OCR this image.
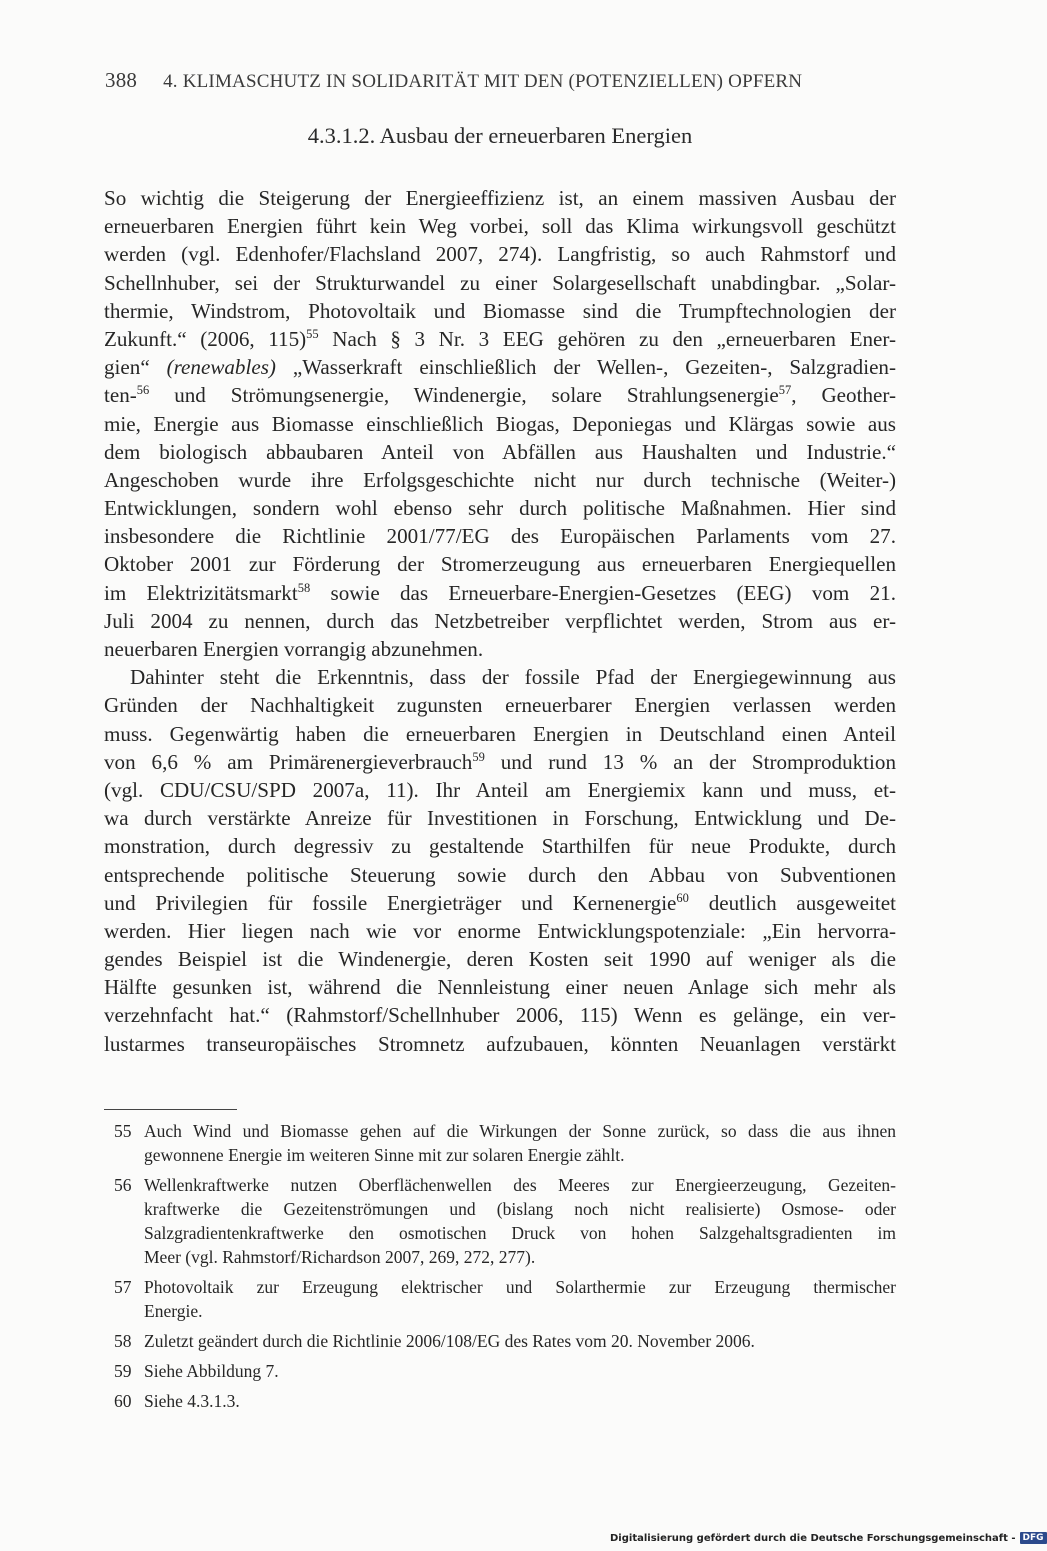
388 4. KLIMASCHUTZ IN SOLIDARITÄT MIT DEN (POTENZIELLEN) OPFERN
4.3.1.2. Ausbau der erneuerbaren Energien
So wichtig die Steigerung der Energieeffizienz ist, an einem massiven Ausbau der
erneuerbaren Energien führt kein Weg vorbei, soll das Klima wirkungsvoll geschützt
werden (vgl. Edenhofer/Flachsland 2007, 274). Langfristig, so auch Rahmstorf und
Schellnhuber, sei der Strukturwandel zu einer Solargesellschaft unabdingbar. „Solar-
thermie, Windstrom, Photovoltaik und Biomasse sind die Trumpftechnologien der
Zukunft.“ (2006, 115)$^{55}$ Nach § 3 Nr. 3 EEG gehören zu den „erneuerbaren Ener-
gien“ (renewables) „Wasserkraft einschließlich der Wellen-, Gezeiten-, Salzgradien-
ten-$^{56}$ und Strömungsenergie, Windenergie, solare Strahlungsenergie$^{57}$, Geother-
mie, Energie aus Biomasse einschließlich Biogas, Deponiegas und Klärgas sowie aus
dem biologisch abbaubaren Anteil von Abfällen aus Haushalten und Industrie.“
Angeschoben wurde ihre Erfolgsgeschichte nicht nur durch technische (Weiter-)
Entwicklungen, sondern wohl ebenso sehr durch politische Maßnahmen. Hier sind
insbesondere die Richtlinie 2001/77/EG des Europäischen Parlaments vom 27.
Oktober 2001 zur Förderung der Stromerzeugung aus erneuerbaren Energiequellen
im Elektrizitätsmarkt$^{58}$ sowie das Erneuerbare-Energien-Gesetzes (EEG) vom 21.
Juli 2004 zu nennen, durch das Netzbetreiber verpflichtet werden, Strom aus er-
neuerbaren Energien vorrangig abzunehmen.
Dahinter steht die Erkenntnis, dass der fossile Pfad der Energiegewinnung aus
Gründen der Nachhaltigkeit zugunsten erneuerbarer Energien verlassen werden
muss. Gegenwärtig haben die erneuerbaren Energien in Deutschland einen Anteil
von 6,6 % am Primärenergieverbrauch$^{59}$ und rund 13 % an der Stromproduktion
(vgl. CDU/CSU/SPD 2007a, 11). Ihr Anteil am Energiemix kann und muss, et-
wa durch verstärkte Anreize für Investitionen in Forschung, Entwicklung und De-
monstration, durch degressiv zu gestaltende Starthilfen für neue Produkte, durch
entsprechende politische Steuerung sowie durch den Abbau von Subventionen
und Privilegien für fossile Energieträger und Kernenergie$^{60}$ deutlich ausgeweitet
werden. Hier liegen nach wie vor enorme Entwicklungspotenziale: „Ein hervorra-
gendes Beispiel ist die Windenergie, deren Kosten seit 1990 auf weniger als die
Hälfte gesunken ist, während die Nennleistung einer neuen Anlage sich mehr als
verzehnfacht hat.“ (Rahmstorf/Schellnhuber 2006, 115) Wenn es gelänge, ein ver-
lustarmes transeuropäisches Stromnetz aufzubauen, könnten Neuanlagen verstärkt
55 Auch Wind und Biomasse gehen auf die Wirkungen der Sonne zurück, so dass die aus ihnen
gewonnene Energie im weiteren Sinne mit zur solaren Energie zählt.
56 Wellenkraftwerke nutzen Oberflächenwellen des Meeres zur Energieerzeugung, Gezeiten-
kraftwerke die Gezeitenströmungen und (bislang noch nicht realisierte) Osmose- oder
Salzgradientenkraftwerke den osmotischen Druck von hohen Salzgehaltsgradienten im
Meer (vgl. Rahmstorf/Richardson 2007, 269, 272, 277).
57 Photovoltaik zur Erzeugung elektrischer und Solarthermie zur Erzeugung thermischer
Energie.
58 Zuletzt geändert durch die Richtlinie 2006/108/EG des Rates vom 20. November 2006.
59 Siehe Abbildung 7.
60 Siehe 4.3.1.3.
Digitalisierung gefördert durch die Deutsche Forschungsgemeinschaft - DFG
